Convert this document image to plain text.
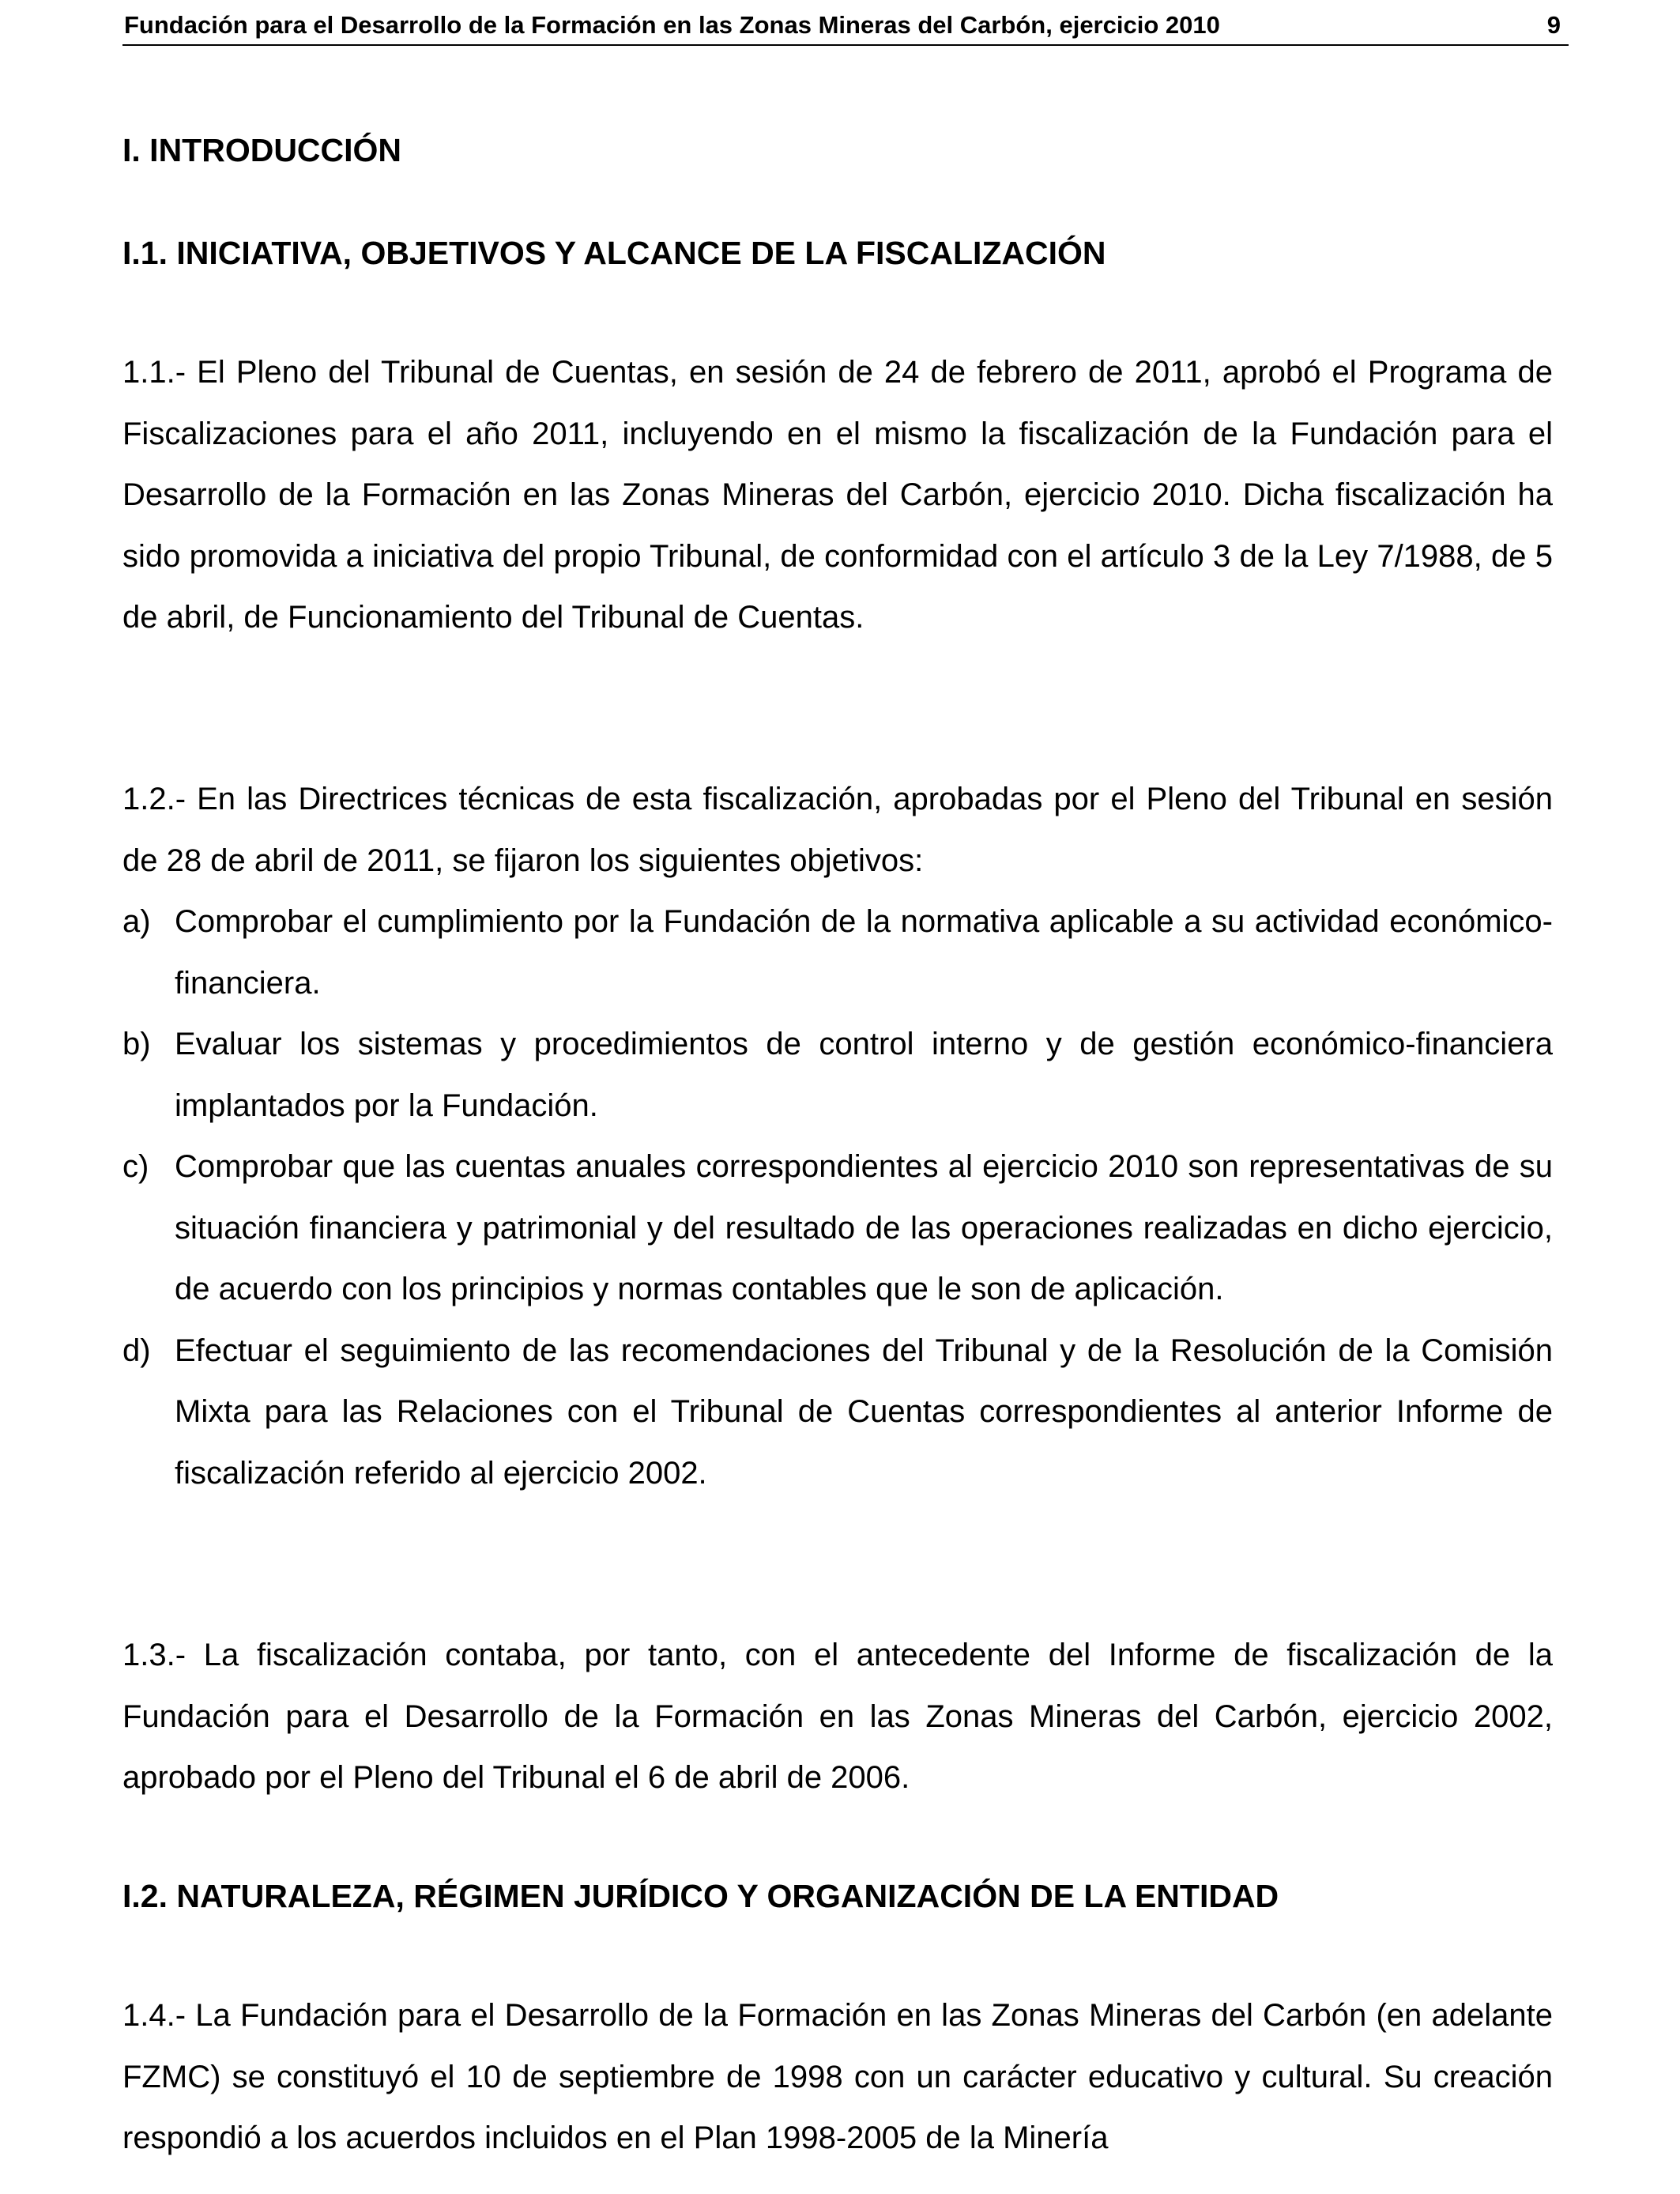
Fundación para el Desarrollo de la Formación en las Zonas Mineras del Carbón, ejercicio 2010	9
I. INTRODUCCIÓN
I.1. INICIATIVA, OBJETIVOS Y ALCANCE DE LA FISCALIZACIÓN

1.1.- El Pleno del Tribunal de Cuentas, en sesión de 24 de febrero de 2011, aprobó el Programa de Fiscalizaciones para el año 2011, incluyendo en el mismo la fiscalización de la Fundación para el Desarrollo de la Formación en las Zonas Mineras del Carbón, ejercicio 2010. Dicha fiscalización ha sido promovida a iniciativa del propio Tribunal, de conformidad con el artículo 3 de la Ley 7/1988, de 5 de abril, de Funcionamiento del Tribunal de Cuentas.

1.2.- En las Directrices técnicas de esta fiscalización, aprobadas por el Pleno del Tribunal en sesión de 28 de abril de 2011, se fijaron los siguientes objetivos:

a) Comprobar el cumplimiento por la Fundación de la normativa aplicable a su actividad económico-financiera.
b) Evaluar los sistemas y procedimientos de control interno y de gestión económico-financiera implantados por la Fundación.
c) Comprobar que las cuentas anuales correspondientes al ejercicio 2010 son representativas de su situación financiera y patrimonial y del resultado de las operaciones realizadas en dicho ejercicio, de acuerdo con los principios y normas contables que le son de aplicación.
d) Efectuar el seguimiento de las recomendaciones del Tribunal y de la Resolución de la Comisión Mixta para las Relaciones con el Tribunal de Cuentas correspondientes al anterior Informe de fiscalización referido al ejercicio 2002.

1.3.- La fiscalización contaba, por tanto, con el antecedente del Informe de fiscalización de la Fundación para el Desarrollo de la Formación en las Zonas Mineras del Carbón, ejercicio 2002, aprobado por el Pleno del Tribunal el 6 de abril de 2006.

I.2. NATURALEZA, RÉGIMEN JURÍDICO Y ORGANIZACIÓN DE LA ENTIDAD

1.4.- La Fundación para el Desarrollo de la Formación en las Zonas Mineras del Carbón (en adelante FZMC) se constituyó el 10 de septiembre de 1998 con un carácter educativo y cultural. Su creación respondió a los acuerdos incluidos en el Plan 1998-2005 de la Minería
